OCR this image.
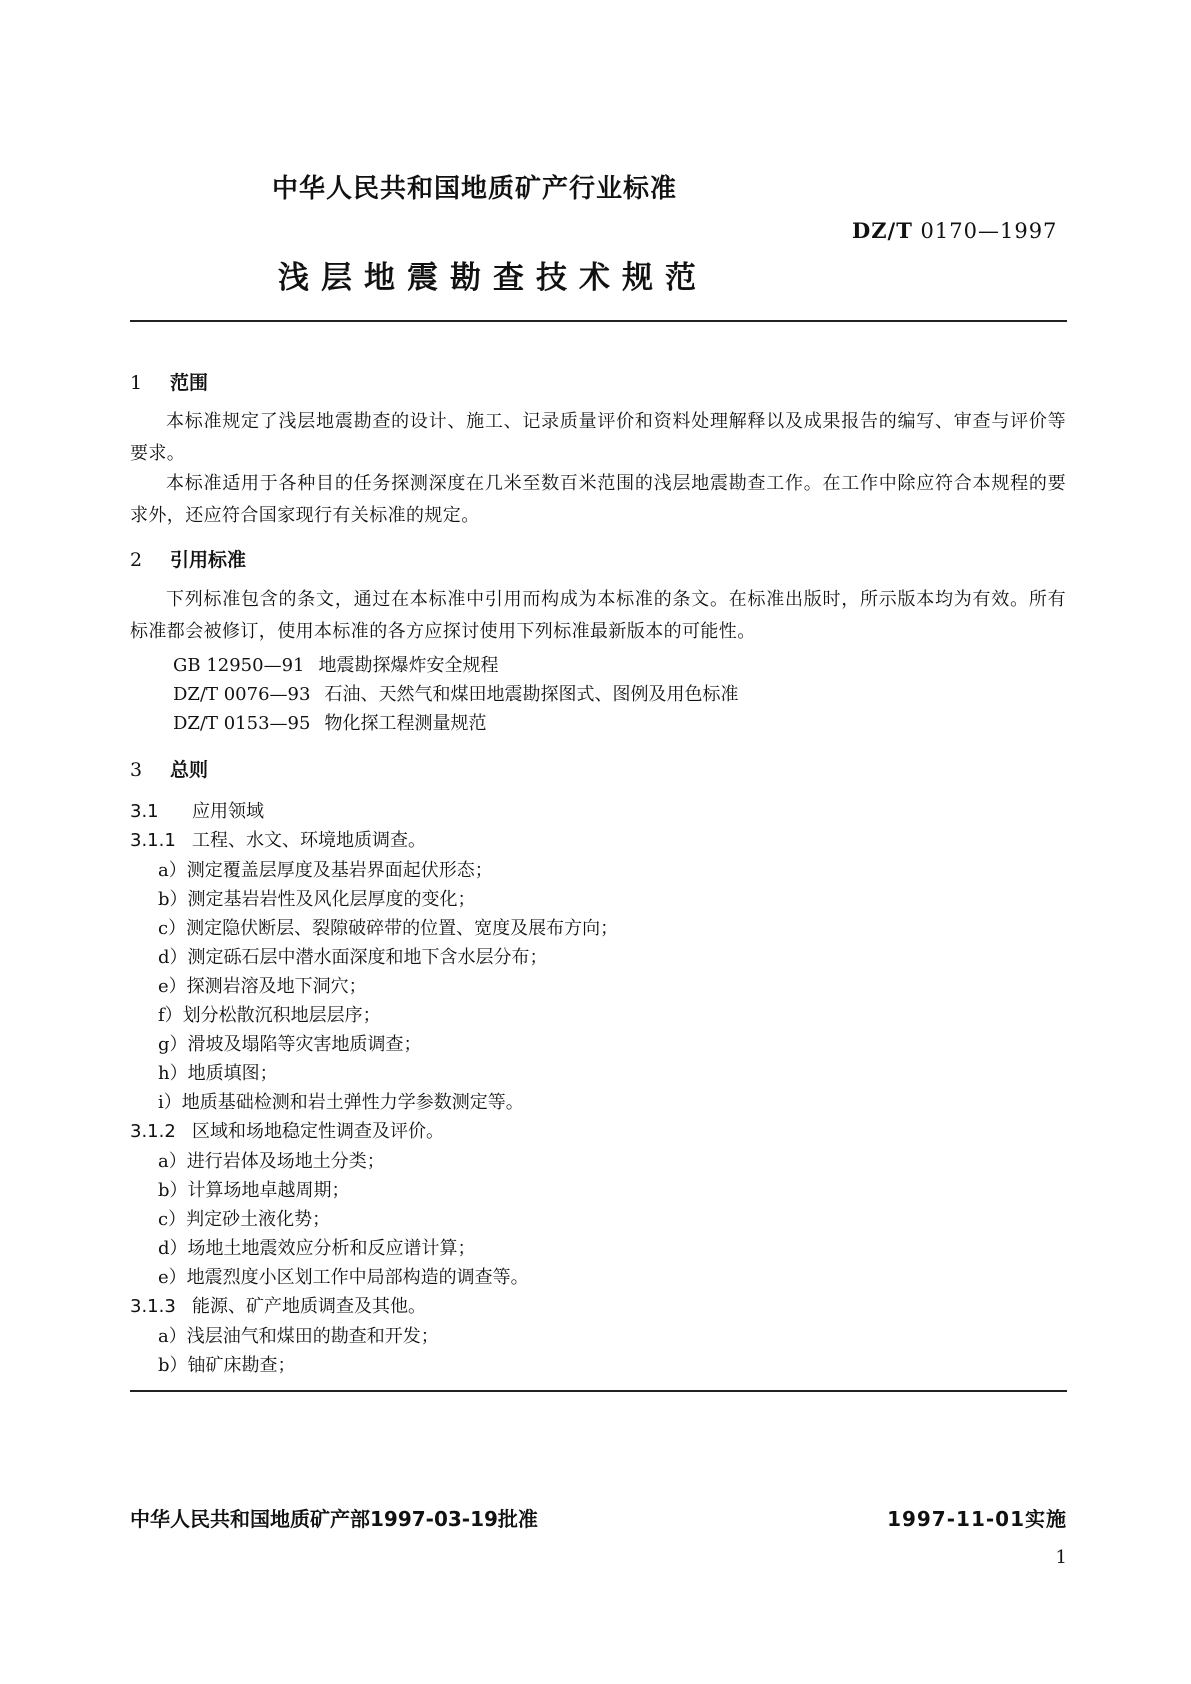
中华人民共和国地质矿产行业标准
DZ/T 0170—1997
浅层地震勘查技术规范
1 范围
本标准规定了浅层地震勘查的设计、施工、记录质量评价和资料处理解释以及成果报告的编写、审查与评价等要求。
本标准适用于各种目的任务探测深度在几米至数百米范围的浅层地震勘查工作。在工作中除应符合本规程的要求外，还应符合国家现行有关标准的规定。
2 引用标准
下列标准包含的条文，通过在本标准中引用而构成为本标准的条文。在标准出版时，所示版本均为有效。所有标准都会被修订，使用本标准的各方应探讨使用下列标准最新版本的可能性。
GB 12950—91 地震勘探爆炸安全规程
DZ/T 0076—93 石油、天然气和煤田地震勘探图式、图例及用色标准
DZ/T 0153—95 物化探工程测量规范
3 总则
3.1 应用领域
3.1.1 工程、水文、环境地质调查。
a）测定覆盖层厚度及基岩界面起伏形态；
b）测定基岩岩性及风化层厚度的变化；
c）测定隐伏断层、裂隙破碎带的位置、宽度及展布方向；
d）测定砾石层中潜水面深度和地下含水层分布；
e）探测岩溶及地下洞穴；
f）划分松散沉积地层层序；
g）滑坡及塌陷等灾害地质调查；
h）地质填图；
i）地质基础检测和岩土弹性力学参数测定等。
3.1.2 区域和场地稳定性调查及评价。
a）进行岩体及场地土分类；
b）计算场地卓越周期；
c）判定砂土液化势；
d）场地土地震效应分析和反应谱计算；
e）地震烈度小区划工作中局部构造的调查等。
3.1.3 能源、矿产地质调查及其他。
a）浅层油气和煤田的勘查和开发；
b）铀矿床勘查；
中华人民共和国地质矿产部1997-03-19批准	1997-11-01实施
1
